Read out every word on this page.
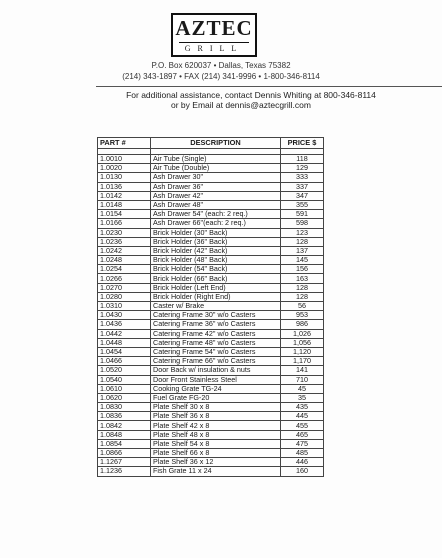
AZTEC
GRILL
P.O. Box 620037 • Dallas, Texas 75382
(214) 343-1897 • FAX (214) 341-9996 • 1-800-346-8114
For additional assistance, contact Dennis Whiting at 800-346-8114
or by Email at dennis@aztecgrill.com
PART #	DESCRIPTION	PRICE $

1.0010	Air Tube (Single)	118
1.0020	Air Tube (Double)	129
1.0130	Ash Drawer 30"	333
1.0136	Ash Drawer 36"	337
1.0142	Ash Drawer 42"	347
1.0148	Ash Drawer 48"	355
1.0154	Ash Drawer 54" (each: 2 req.)	591
1.0166	Ash Drawer 66"(each: 2 req.)	598
1.0230	Brick Holder (30" Back)	123
1.0236	Brick Holder (36" Back)	128
1.0242	Brick Holder (42" Back)	137
1.0248	Brick Holder (48" Back)	145
1.0254	Brick Holder (54" Back)	156
1.0266	Brick Holder (66" Back)	163
1.0270	Brick Holder (Left End)	128
1.0280	Brick Holder (Right End)	128
1.0310	Caster w/ Brake	56
1.0430	Catering Frame 30" w/o Casters	953
1.0436	Catering Frame 36" w/o Casters	986
1.0442	Catering Frame 42" w/o Casters	1,026
1.0448	Catering Frame 48" w/o Casters	1,056
1.0454	Catering Frame 54" w/o Casters	1,120
1.0466	Catering Frame 66" w/o Casters	1,170
1.0520	Door Back w/ insulation & nuts	141
1.0540	Door Front Stainless Steel	710
1.0610	Cooking Grate TG-24	45
1.0620	Fuel Grate FG-20	35
1.0830	Plate Shelf 30 x 8	435
1.0836	Plate Shelf 36 x 8	445
1.0842	Plate Shelf 42 x 8	455
1.0848	Plate Shelf 48 x 8	465
1.0854	Plate Shelf 54 x 8	475
1.0866	Plate Shelf 66 x 8	485
1.1267	Plate Shelf 36 x 12	446
1.1236	Fish Grate 11 x 24	160
